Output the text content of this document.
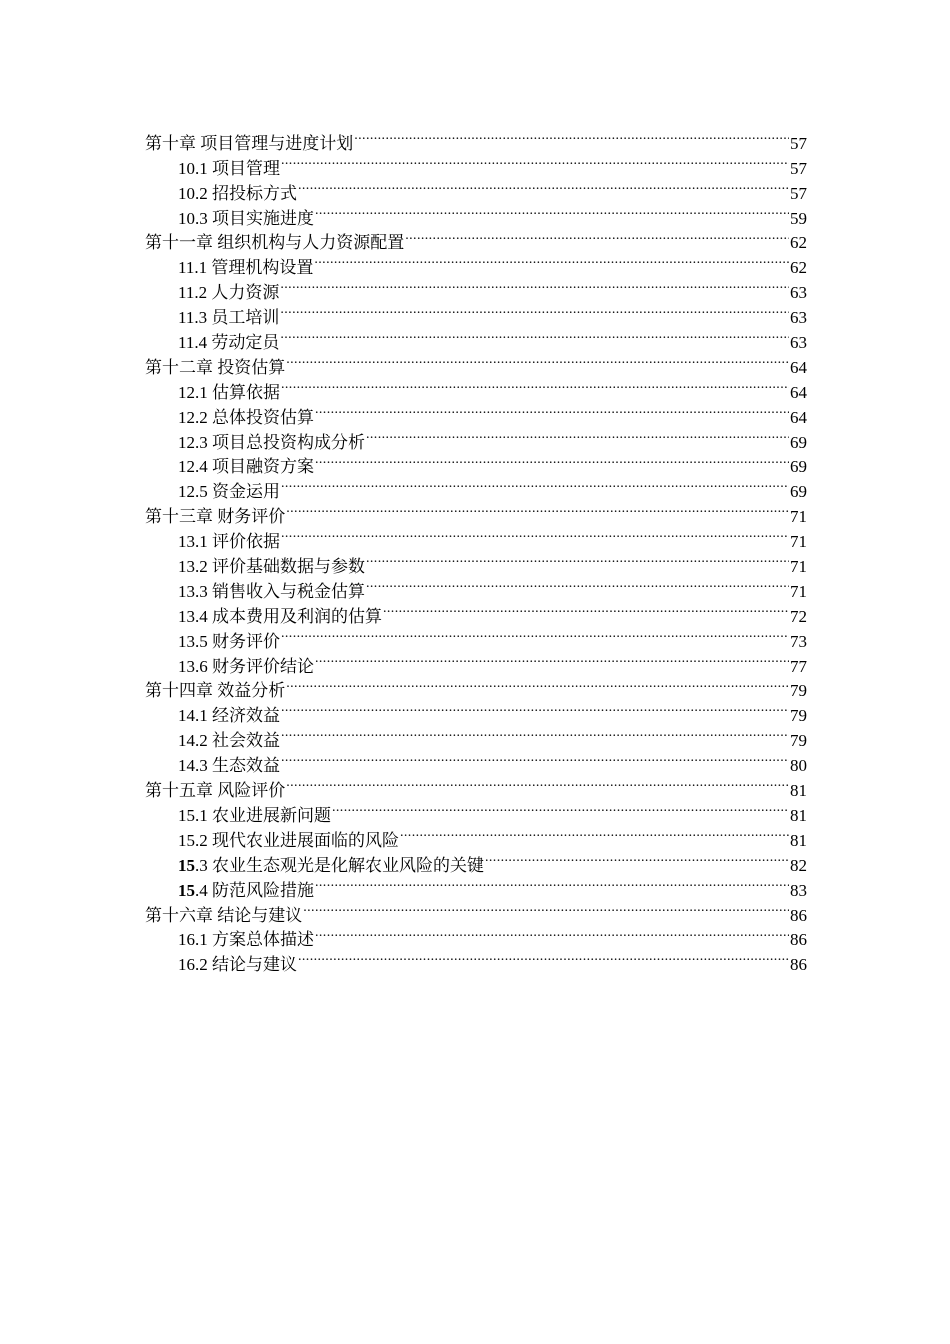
第十章 项目管理与进度计划 .....	57
10.1 项目管理 .....	57
10.2 招投标方式 .....	57
10.3 项目实施进度 .....	59
第十一章 组织机构与人力资源配置 .....	62
11.1 管理机构设置 .....	62
11.2 人力资源 .....	63
11.3 员工培训 .....	63
11.4 劳动定员 .....	63
第十二章 投资估算 .....	64
12.1 估算依据 .....	64
12.2 总体投资估算 .....	64
12.3 项目总投资构成分析 .....	69
12.4 项目融资方案 .....	69
12.5 资金运用 .....	69
第十三章 财务评价 .....	71
13.1 评价依据 .....	71
13.2 评价基础数据与参数 .....	71
13.3 销售收入与税金估算 .....	71
13.4 成本费用及利润的估算 .....	72
13.5 财务评价 .....	73
13.6 财务评价结论 .....	77
第十四章 效益分析 .....	79
14.1 经济效益 .....	79
14.2 社会效益 .....	79
14.3 生态效益 .....	80
第十五章 风险评价 .....	81
15.1 农业进展新问题 .....	81
15.2 现代农业进展面临的风险 .....	81
15.3 农业生态观光是化解农业风险的关键 .....	82
15.4 防范风险措施 .....	83
第十六章 结论与建议 .....	86
16.1 方案总体描述 .....	86
16.2 结论与建议 .....	86
